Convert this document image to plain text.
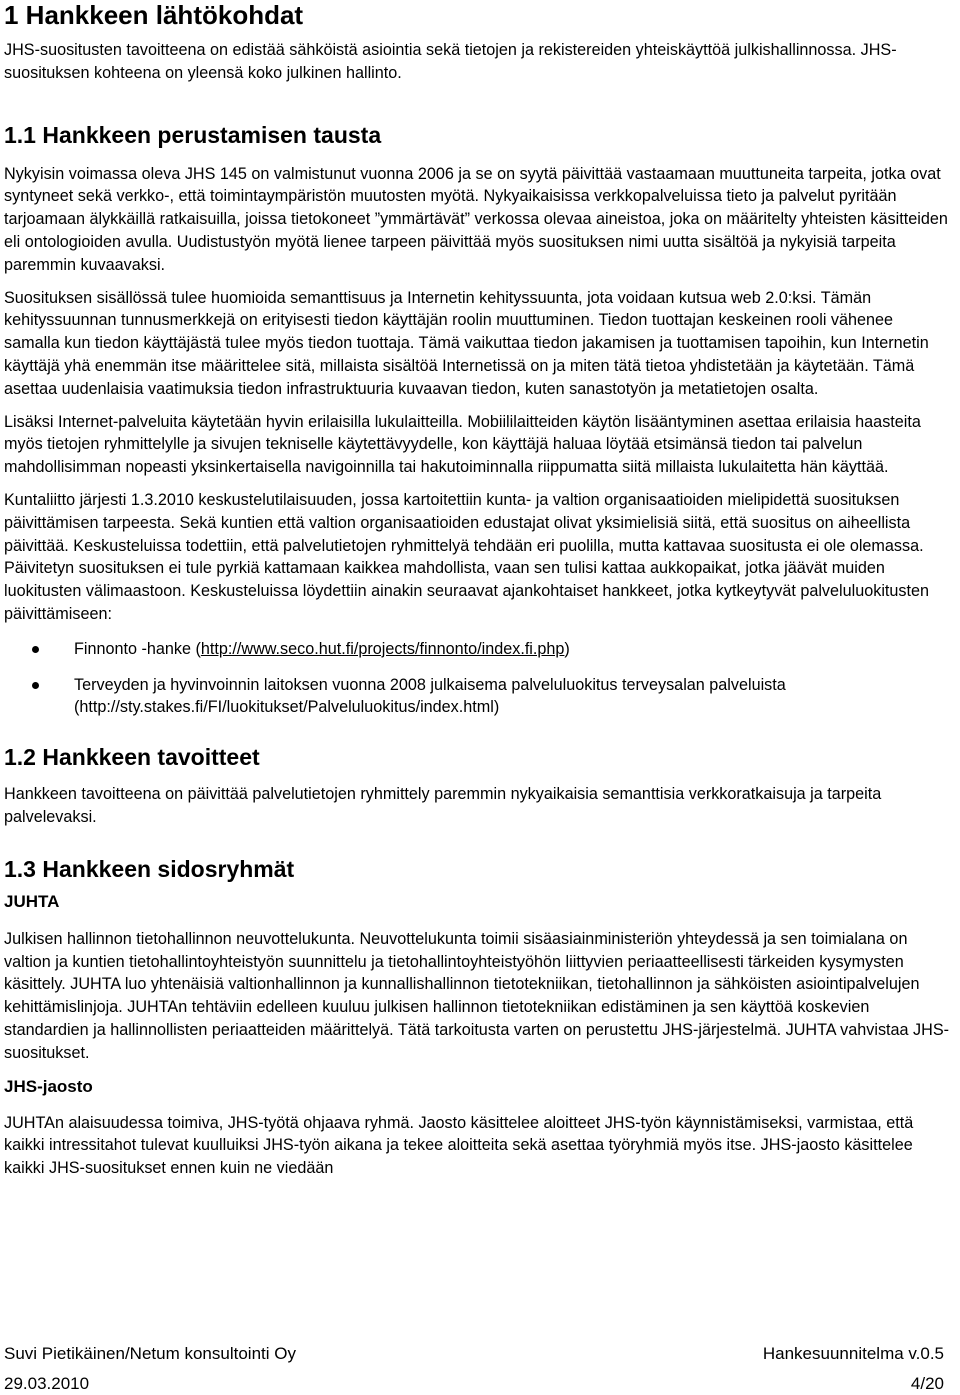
1 Hankkeen lähtökohdat

JHS-suositusten tavoitteena on edistää sähköistä asiointia sekä tietojen ja rekistereiden yhteiskäyttöä julkishallinnossa. JHS-suosituksen kohteena on yleensä koko julkinen hallinto.

1.1 Hankkeen perustamisen tausta

Nykyisin voimassa oleva JHS 145 on valmistunut vuonna 2006 ja se on syytä päivittää vastaamaan muuttuneita tarpeita, jotka ovat syntyneet sekä verkko-, että toimintaympäristön muutosten myötä. Nykyaikaisissa verkkopalveluissa tieto ja palvelut pyritään tarjoamaan älykkäillä ratkaisuilla, joissa tietokoneet ”ymmärtävät” verkossa olevaa aineistoa, joka on määritelty yhteisten käsitteiden eli ontologioiden avulla. Uudistustyön myötä lienee tarpeen päivittää myös suosituksen nimi uutta sisältöä ja nykyisiä tarpeita paremmin kuvaavaksi.

Suosituksen sisällössä tulee huomioida semanttisuus ja Internetin kehityssuunta, jota voidaan kutsua web 2.0:ksi. Tämän kehityssuunnan tunnusmerkkejä on erityisesti tiedon käyttäjän roolin muuttuminen. Tiedon tuottajan keskeinen rooli vähenee samalla kun tiedon käyttäjästä tulee myös tiedon tuottaja. Tämä vaikuttaa tiedon jakamisen ja tuottamisen tapoihin, kun Internetin käyttäjä yhä enemmän itse määrittelee sitä, millaista sisältöä Internetissä on ja miten tätä tietoa yhdistetään ja käytetään. Tämä asettaa uudenlaisia vaatimuksia tiedon infrastruktuuria kuvaavan tiedon, kuten sanastotyön ja metatietojen osalta.

Lisäksi Internet-palveluita käytetään hyvin erilaisilla lukulaitteilla. Mobiililaitteiden käytön lisääntyminen asettaa erilaisia haasteita myös tietojen ryhmittelylle ja sivujen tekniselle käytettävyydelle, kon käyttäjä haluaa löytää etsimänsä tiedon tai palvelun mahdollisimman nopeasti yksinkertaisella navigoinnilla tai hakutoiminnalla riippumatta siitä millaista lukulaitetta hän käyttää.

Kuntaliitto järjesti 1.3.2010 keskustelutilaisuuden, jossa kartoitettiin kunta- ja valtion organisaatioiden mielipidettä suosituksen päivittämisen tarpeesta. Sekä kuntien että valtion organisaatioiden edustajat olivat yksimielisiä siitä, että suositus on aiheellista päivittää. Keskusteluissa todettiin, että palvelutietojen ryhmittelyä tehdään eri puolilla, mutta kattavaa suositusta ei ole olemassa. Päivitetyn suosituksen ei tule pyrkiä kattamaan kaikkea mahdollista, vaan sen tulisi kattaa aukkopaikat, jotka jäävät muiden luokitusten välimaastoon. Keskusteluissa löydettiin ainakin seuraavat ajankohtaiset hankkeet, jotka kytkeytyvät palveluluokitusten päivittämiseen:

Finnonto -hanke (http://www.seco.hut.fi/projects/finnonto/index.fi.php)
Terveyden ja hyvinvoinnin laitoksen vuonna 2008 julkaisema palveluluokitus terveysalan palveluista (http://sty.stakes.fi/FI/luokitukset/Palveluluokitus/index.html)
1.2 Hankkeen tavoitteet

Hankkeen tavoitteena on päivittää palvelutietojen ryhmittely paremmin nykyaikaisia semanttisia verkkoratkaisuja ja tarpeita palvelevaksi.

1.3 Hankkeen sidosryhmät
JUHTA

Julkisen hallinnon tietohallinnon neuvottelukunta. Neuvottelukunta toimii sisäasiainministeriön yhteydessä ja sen toimialana on valtion ja kuntien tietohallintoyhteistyön suunnittelu ja tietohallintoyhteistyöhön liittyvien periaatteellisesti tärkeiden kysymysten käsittely. JUHTA luo yhtenäisiä valtionhallinnon ja kunnallishallinnon tietotekniikan, tietohallinnon ja sähköisten asiointipalvelujen kehittämislinjoja. JUHTAn tehtäviin edelleen kuuluu julkisen hallinnon tietotekniikan edistäminen ja sen käyttöä koskevien standardien ja hallinnollisten periaatteiden määrittelyä. Tätä tarkoitusta varten on perustettu JHS-järjestelmä. JUHTA vahvistaa JHS-suositukset.

JHS-jaosto

JUHTAn alaisuudessa toimiva, JHS-työtä ohjaava ryhmä. Jaosto käsittelee aloitteet JHS-työn käynnistämiseksi, varmistaa, että kaikki intressitahot tulevat kuulluiksi JHS-työn aikana ja tekee aloitteita sekä asettaa työryhmiä myös itse. JHS-jaosto käsittelee kaikki JHS-suositukset ennen kuin ne viedään

Suvi Pietikäinen/Netum konsultointi Oy	Hankesuunnitelma v.0.5
29.03.2010	4/20
